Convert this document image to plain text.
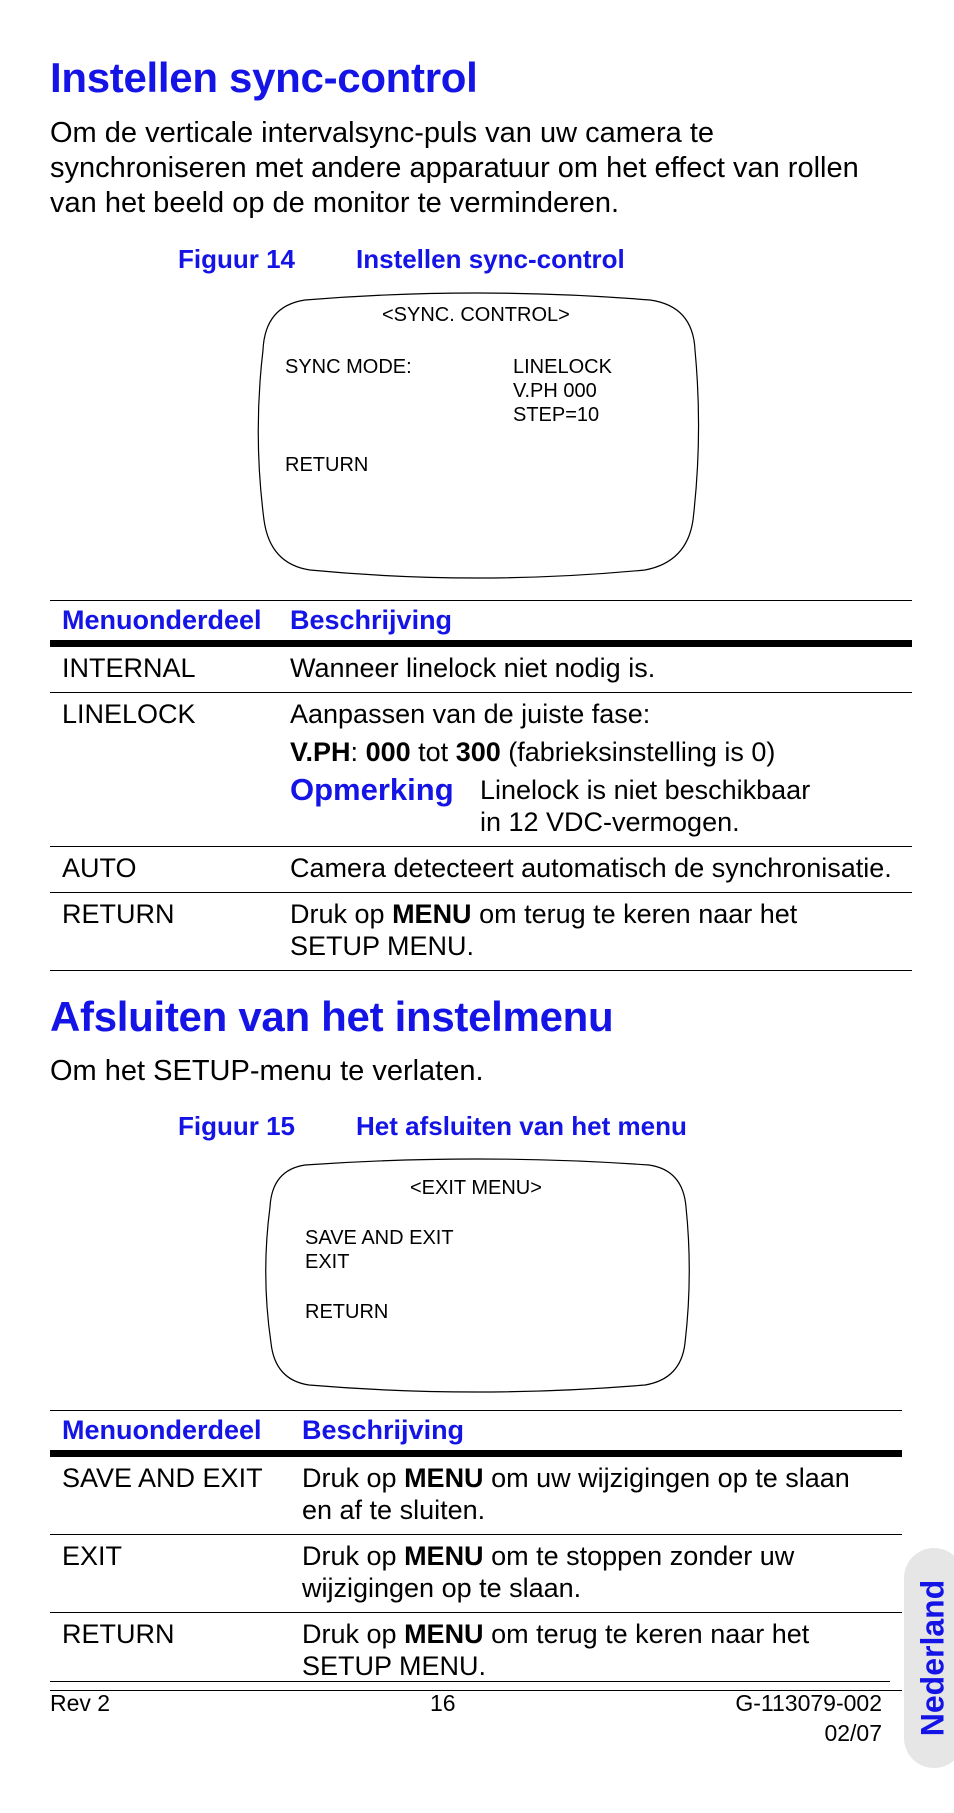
Instellen sync-control

Om de verticale intervalsync-puls van uw camera te synchroniseren met andere apparatuur om het effect van rollen van het beeld op de monitor te verminderen.

Figuur 14 Instellen sync-control
<SYNC. CONTROL>
SYNC MODE:	LINELOCK
V.PH 000
STEP=10
RETURN
Menuonderdeel	Beschrijving
INTERNAL	Wanneer linelock niet nodig is.
LINELOCK	Aanpassen van de juiste fase:
V.PH: 000 tot 300 (fabrieksinstelling is 0)
Opmerking Linelock is niet beschikbaar
in 12 VDC-vermogen.

AUTO	Camera detecteert automatisch de synchronisatie.
RETURN	Druk op MENU om terug te keren naar het
SETUP MENU.
Afsluiten van het instelmenu

Om het SETUP-menu te verlaten.

Figuur 15 Het afsluiten van het menu
<EXIT MENU>
SAVE AND EXIT
EXIT
RETURN
Menuonderdeel	Beschrijving
SAVE AND EXIT	Druk op MENU om uw wijzigingen op te slaan
en af te sluiten.
EXIT	Druk op MENU om te stoppen zonder uw
wijzigingen op te slaan.
RETURN	Druk op MENU om terug te keren naar het
SETUP MENU.
Rev 2	16	G-113079-002
02/07 Nederland
